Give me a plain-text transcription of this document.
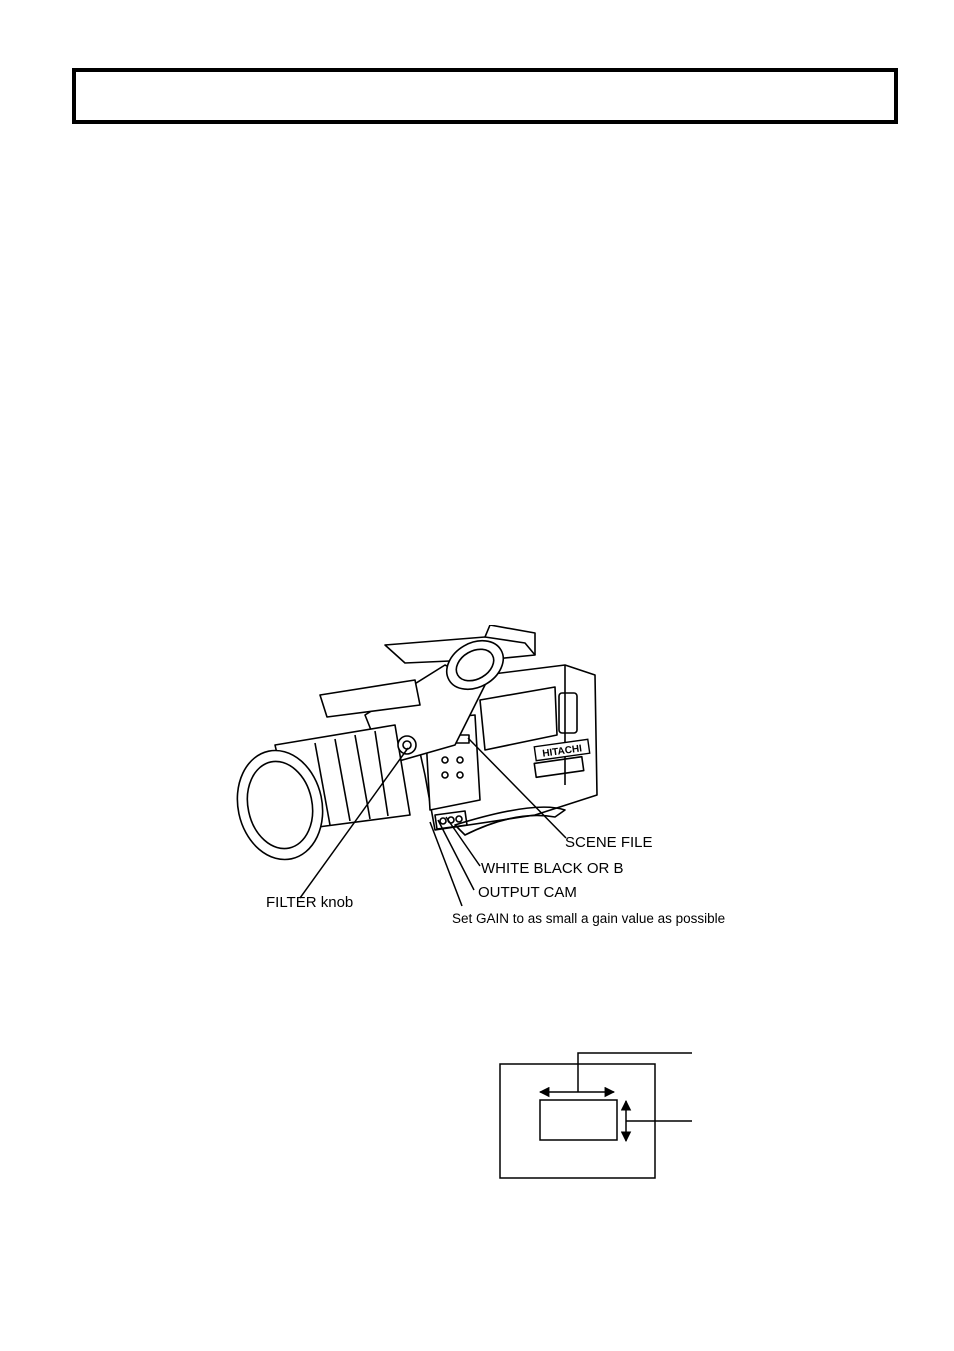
HITACHI
SCENE FILE
WHITE BLACK OR B
OUTPUT CAM
FILTER knob
Set GAIN to as small a gain value as possible
